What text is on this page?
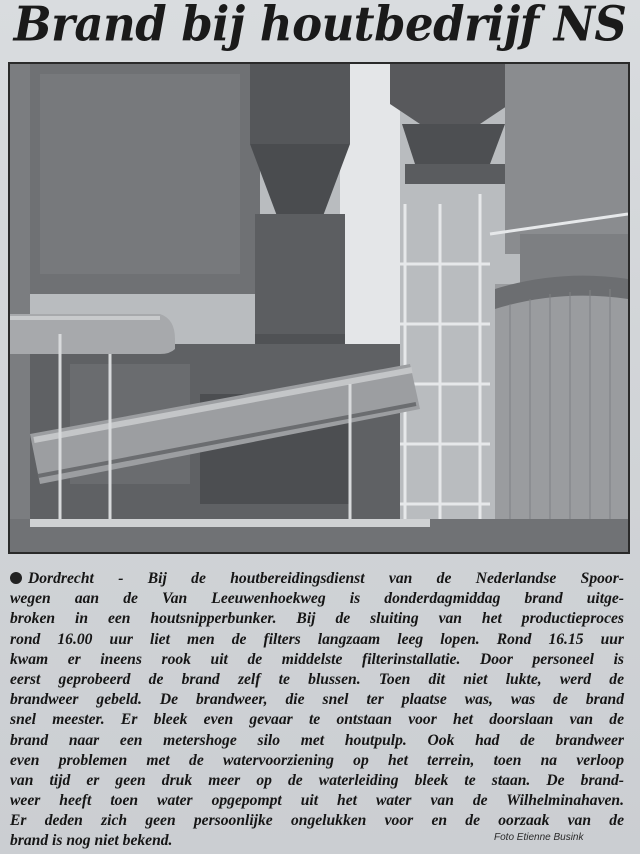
Brand bij houtbedrijf NS
Dordrecht - Bij de houtbereidingsdienst van de Nederlandse Spoor-
wegen aan de Van Leeuwenhoekweg is donderdagmiddag brand uitge-
broken in een houtsnipperbunker. Bij de sluiting van het productieproces
rond 16.00 uur liet men de filters langzaam leeg lopen. Rond 16.15 uur
kwam er ineens rook uit de middelste filterinstallatie. Door personeel is
eerst geprobeerd de brand zelf te blussen. Toen dit niet lukte, werd de
brandweer gebeld. De brandweer, die snel ter plaatse was, was de brand
snel meester. Er bleek even gevaar te ontstaan voor het doorslaan van de
brand naar een metershoge silo met houtpulp. Ook had de brandweer
even problemen met de watervoorziening op het terrein, toen na verloop
van tijd er geen druk meer op de waterleiding bleek te staan. De brand-
weer heeft toen water opgepompt uit het water van de Wilhelminahaven.
Er deden zich geen persoonlijke ongelukken voor en de oorzaak van de
brand is nog niet bekend.	Foto Etienne Busink
